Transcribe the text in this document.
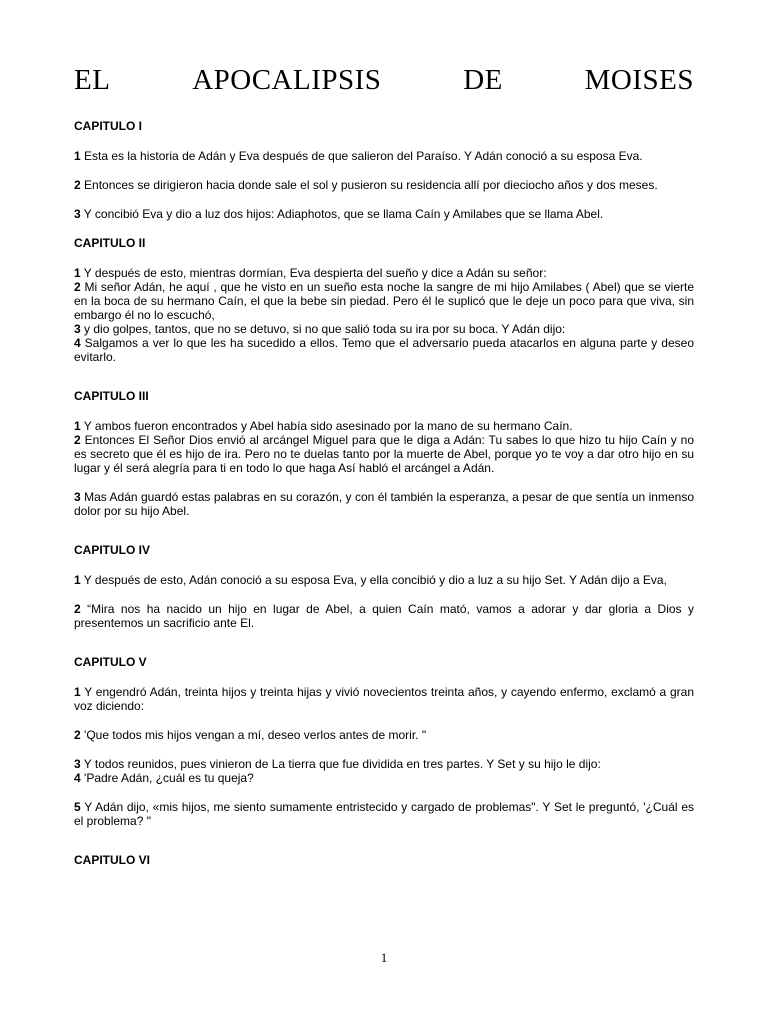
EL	APOCALIPSIS	DE	MOISES
CAPITULO I
1 Esta es la historia de Adán y Eva después de que salieron del Paraíso. Y Adán conoció a su esposa Eva.
2 Entonces se dirigieron hacia donde sale el sol y pusieron su residencia allí por dieciocho años y dos meses.
3 Y concibió Eva y dio a luz dos hijos: Adiaphotos, que se llama Caín y Amilabes que se llama Abel.
CAPITULO II
1 Y después de esto, mientras dormían, Eva despierta del sueño y dice a Adán su señor:
2 Mi señor Adán, he aquí , que he visto en un sueño esta noche la sangre de mi hijo Amilabes ( Abel) que se vierte en la boca de su hermano Caín, el que la bebe sin piedad. Pero él le suplicó que le deje un poco para que viva, sin embargo él no lo escuchó,
3 y dio golpes, tantos, que no se detuvo, si no que salió toda su ira por su boca. Y Adán dijo:
4 Salgamos a ver lo que les ha sucedido a ellos. Temo que el adversario pueda atacarlos en alguna parte y deseo evitarlo.
CAPITULO III
1 Y ambos fueron encontrados y Abel había sido asesinado por la mano de su hermano Caín.
2 Entonces El Señor Dios envió al arcángel Miguel para que le diga a Adán: Tu sabes lo que hizo tu hijo Caín y no es secreto que él es hijo de ira. Pero no te duelas tanto por la muerte de Abel, porque yo te voy a dar otro hijo en su lugar y él será alegría para ti en todo lo que haga Así habló el arcángel a Adán.
3 Mas Adán guardó estas palabras en su corazón, y con él también la esperanza, a pesar de que sentía un inmenso dolor por su hijo Abel.
CAPITULO IV
1 Y después de esto, Adán conoció a su esposa Eva, y ella concibió y dio a luz a su hijo Set. Y Adán dijo a Eva,
2 “Mira nos ha nacido un hijo en lugar de Abel, a quien Caín mató, vamos a adorar y dar gloria a Dios y presentemos un sacrificio ante El.
CAPITULO V
1 Y engendró Adán, treinta hijos y treinta hijas y vivió novecientos treinta años, y cayendo enfermo, exclamó a gran voz diciendo:
2 'Que todos mis hijos vengan a mí, deseo verlos antes de morir. "
3 Y todos reunidos, pues vinieron de La tierra que fue dividida en tres partes. Y Set y su hijo le dijo:
4 'Padre Adán, ¿cuál es tu queja?
5 Y Adán dijo, «mis hijos, me siento sumamente entristecido y cargado de problemas". Y Set le preguntó, '¿Cuál es el problema? "
CAPITULO VI
1
